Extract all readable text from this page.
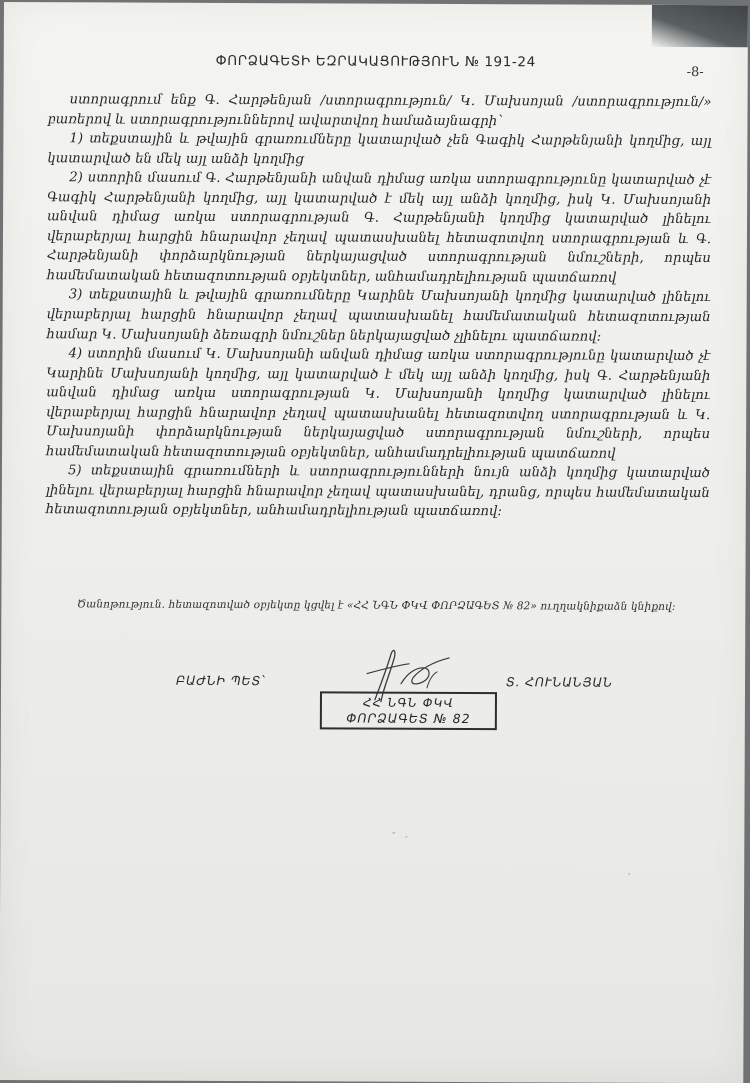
ՓՈՐՁԱԳԵՏԻ ԵԶՐԱԿԱՑՈՒԹՅՈՒՆ № 191-24
-8-

ստորագրում ենք Գ. Հարթենյան /ստորագրություն/ Կ. Մախսոյան /ստորագրություն/» բառերով և ստորագրություններով ավարտվող համաձայնագրի`

1) տեքստային և թվային գրառումները կատարված չեն Գագիկ Հարթենյանի կողմից, այլ կատարված են մեկ այլ անձի կողմից

2) ստորին մասում Գ. Հարթենյանի անվան դիմաց առկա ստորագրությունը կատարված չէ Գագիկ Հարթենյանի կողմից, այլ կատարված է մեկ այլ անձի կողմից, իսկ Կ. Մախսոյանի անվան դիմաց առկա ստորագրության Գ. Հարթենյանի կողմից կատարված լինելու վերաբերյալ հարցին հնարավոր չեղավ պատասխանել հետազոտվող ստորագրության և Գ. Հարթենյանի փորձարկնության ներկայացված ստորագրության նմուշների, որպես համեմատական հետազոտության օբյեկտներ, անհամադրելիության պատճառով

3) տեքստային և թվային գրառումները Կարինե Մախսոյանի կողմից կատարված լինելու վերաբերյալ հարցին հնարավոր չեղավ պատասխանել համեմատական հետազոտության համար Կ. Մախսոյանի ձեռագրի նմուշներ ներկայացված չլինելու պատճառով:

4) ստորին մասում Կ. Մախսոյանի անվան դիմաց առկա ստորագրությունը կատարված չէ Կարինե Մախսոյանի կողմից, այլ կատարված է մեկ այլ անձի կողմից, իսկ Գ. Հարթենյանի անվան դիմաց առկա ստորագրության Կ. Մախսոյանի կողմից կատարված լինելու վերաբերյալ հարցին հնարավոր չեղավ պատասխանել հետազոտվող ստորագրության և Կ. Մախսոյանի փորձարկնության ներկայացված ստորագրության նմուշների, որպես համեմատական հետազոտության օբյեկտներ, անհամադրելիության պատճառով

5) տեքստային գրառումների և ստորագրությունների նույն անձի կողմից կատարված լինելու վերաբերյալ հարցին հնարավոր չեղավ պատասխանել, դրանց, որպես համեմատական հետազոտության օբյեկտներ, անհամադրելիության պատճառով:

Ծանոթություն. հետազոտված օբյեկտը կցվել է «ՀՀ ՆԳՆ ՓԿՎ ՓՈՐՁԱԳԵՏ № 82» ուղղակնիքաձն կնիքով:
ԲԱԺՆԻ ՊԵՏ՝	Տ. ՀՈՒՆԱՆՅԱՆ
ՀՀ ՆԳՆ ՓԿՎ
ՓՈՐՁԱԳԵՏ № 82
